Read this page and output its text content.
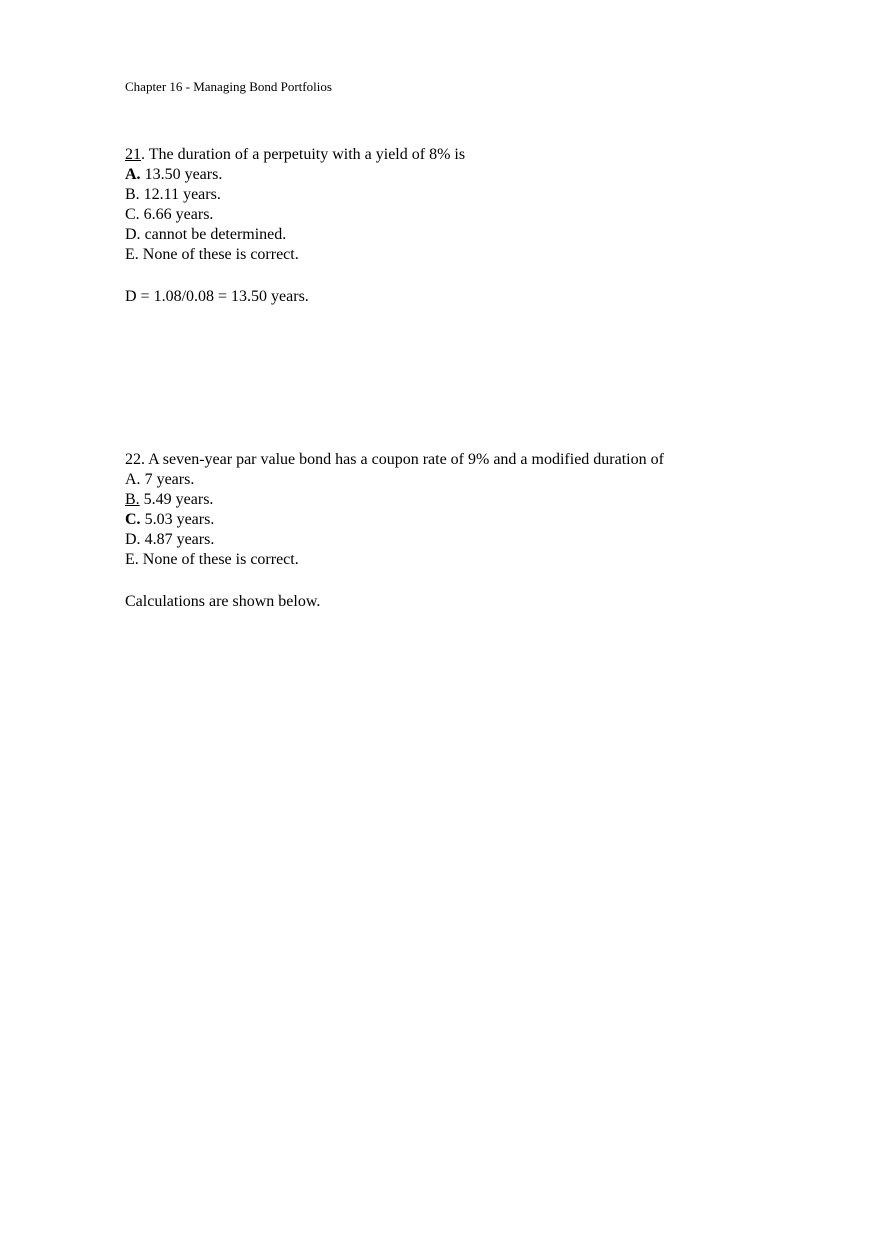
Chapter 16 - Managing Bond Portfolios
21. The duration of a perpetuity with a yield of 8% is
A. 13.50 years.
B. 12.11 years.
C. 6.66 years.
D. cannot be determined.
E. None of these is correct.
D = 1.08/0.08 = 13.50 years.
22. A seven-year par value bond has a coupon rate of 9% and a modified duration of
A. 7 years.
B. 5.49 years.
C. 5.03 years.
D. 4.87 years.
E. None of these is correct.
Calculations are shown below.
